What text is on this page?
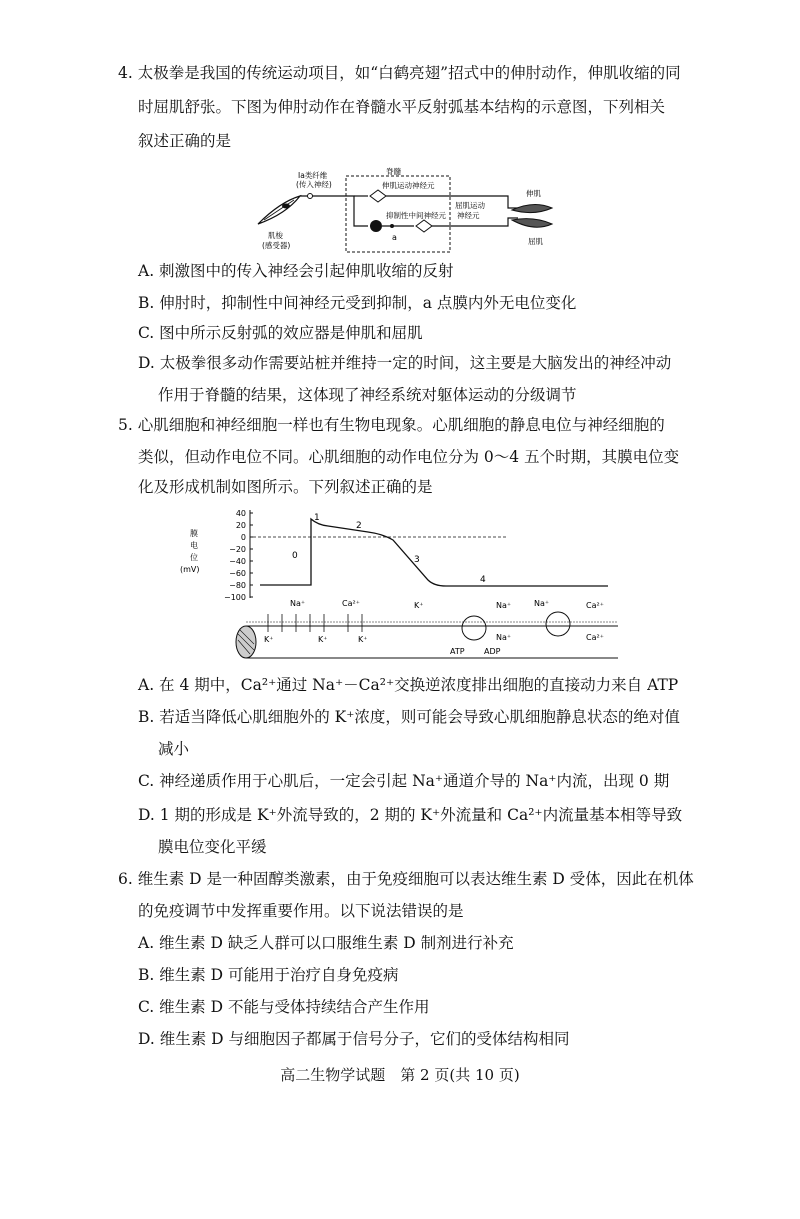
4. 太极拳是我国的传统运动项目，如“白鹤亮翅”招式中的伸肘动作，伸肌收缩的同
时屈肌舒张。下图为伸肘动作在脊髓水平反射弧基本结构的示意图，下列相关
叙述正确的是
Ia类纤维
(传入神经)
肌梭
(感受器)
脊髓
伸肌运动神经元
抑制性中间神经元
a
屈肌运动
神经元
伸肌
屈肌
A. 刺激图中的传入神经会引起伸肌收缩的反射
B. 伸肘时，抑制性中间神经元受到抑制，a 点膜内外无电位变化
C. 图中所示反射弧的效应器是伸肌和屈肌
D. 太极拳很多动作需要站桩并维持一定的时间，这主要是大脑发出的神经冲动
作用于脊髓的结果，这体现了神经系统对躯体运动的分级调节
5. 心肌细胞和神经细胞一样也有生物电现象。心肌细胞的静息电位与神经细胞的
类似，但动作电位不同。心肌细胞的动作电位分为 0～4 五个时期，其膜电位变
化及形成机制如图所示。下列叙述正确的是
膜
电
位
(mV)
40
20
0
−20
−40
−60
−80
−100
0
1
2
3
4
Na⁺	Ca²⁺
K⁺	K⁺	K⁺
K⁺	Na⁺
Na⁺
ATP ADP
Na⁺	Ca²⁺
Ca²⁺
A. 在 4 期中，Ca²⁺通过 Na⁺－Ca²⁺交换逆浓度排出细胞的直接动力来自 ATP
B. 若适当降低心肌细胞外的 K⁺浓度，则可能会导致心肌细胞静息状态的绝对值
减小
C. 神经递质作用于心肌后，一定会引起 Na⁺通道介导的 Na⁺内流，出现 0 期
D. 1 期的形成是 K⁺外流导致的，2 期的 K⁺外流量和 Ca²⁺内流量基本相等导致
膜电位变化平缓
6. 维生素 D 是一种固醇类激素，由于免疫细胞可以表达维生素 D 受体，因此在机体
的免疫调节中发挥重要作用。以下说法错误的是
A. 维生素 D 缺乏人群可以口服维生素 D 制剂进行补充
B. 维生素 D 可能用于治疗自身免疫病
C. 维生素 D 不能与受体持续结合产生作用
D. 维生素 D 与细胞因子都属于信号分子，它们的受体结构相同
高二生物学试题　第 2 页(共 10 页)
